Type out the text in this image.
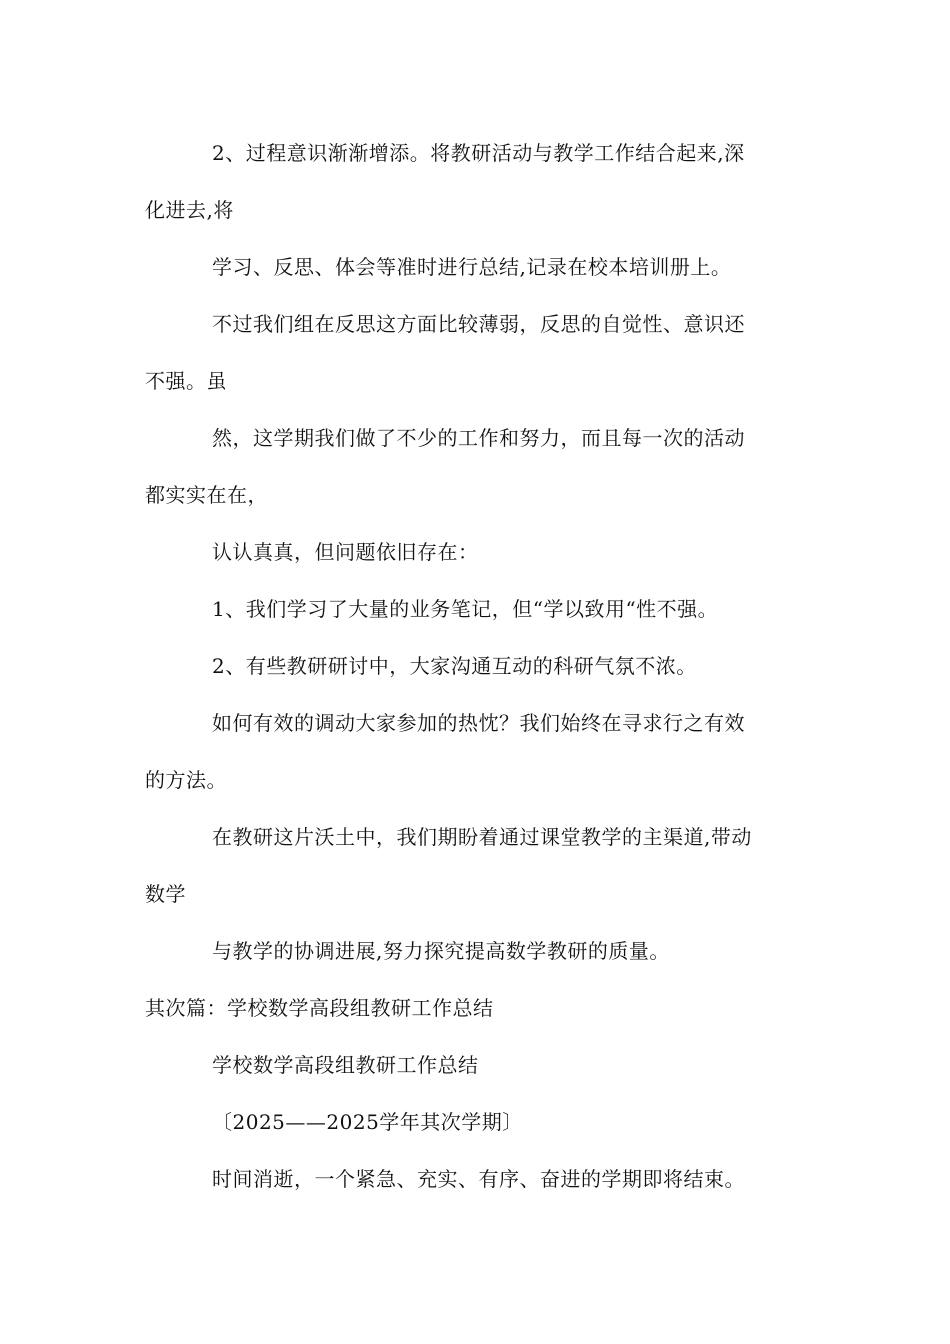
2、过程意识渐渐增添。将教研活动与教学工作结合起来,深
化进去,将
学习、反思、体会等准时进行总结,记录在校本培训册上。
不过我们组在反思这方面比较薄弱，反思的自觉性、意识还
不强。虽
然，这学期我们做了不少的工作和努力，而且每一次的活动
都实实在在，
认认真真，但问题依旧存在：
1、我们学习了大量的业务笔记，但“学以致用“性不强。
2、有些教研研讨中，大家沟通互动的科研气氛不浓。
如何有效的调动大家参加的热忱？我们始终在寻求行之有效
的方法。
在教研这片沃土中，我们期盼着通过课堂教学的主渠道,带动
数学
与教学的协调进展,努力探究提高数学教研的质量。
其次篇：学校数学高段组教研工作总结
学校数学高段组教研工作总结
〔2025——2025学年其次学期〕
时间消逝，一个紧急、充实、有序、奋进的学期即将结束。
